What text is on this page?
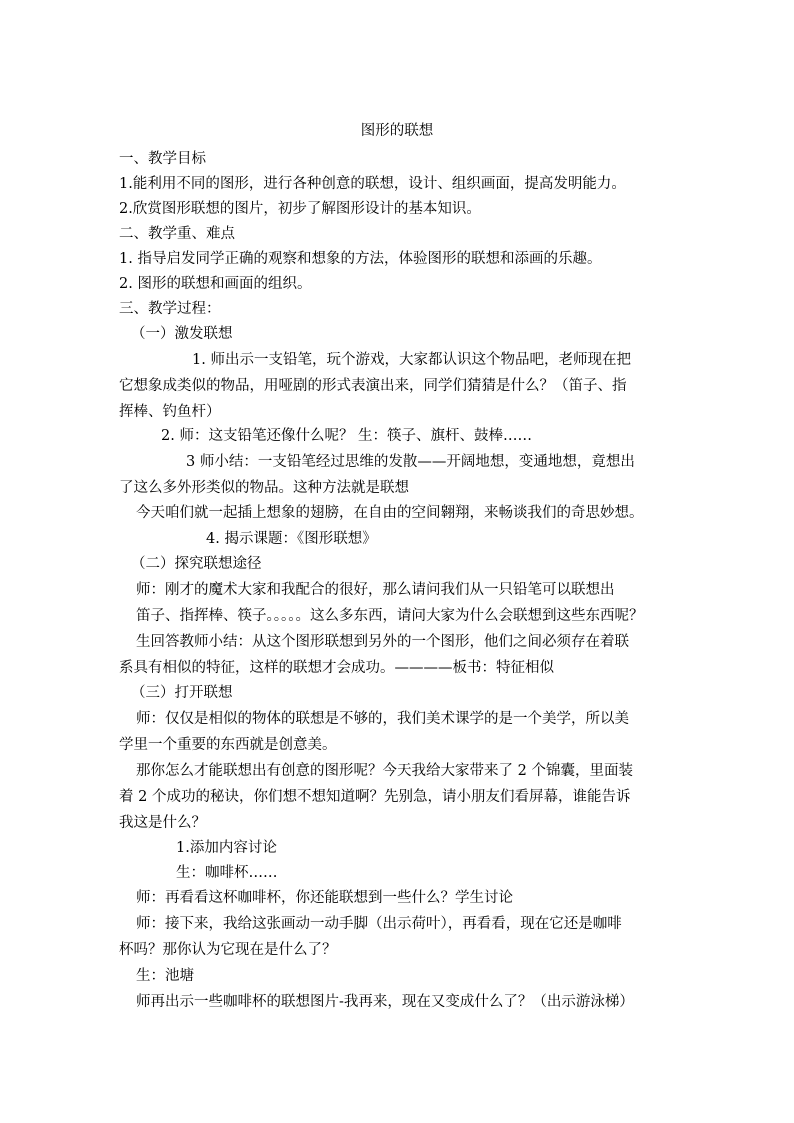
图形的联想
一、教学目标
1.能利用不同的图形，进行各种创意的联想，设计、组织画面，提高发明能力。
2.欣赏图形联想的图片，初步了解图形设计的基本知识。
二、教学重、难点
1. 指导启发同学正确的观察和想象的方法，体验图形的联想和添画的乐趣。
2. 图形的联想和画面的组织。
三、教学过程：
（一）激发联想
1. 师出示一支铅笔，玩个游戏，大家都认识这个物品吧，老师现在把
它想象成类似的物品，用哑剧的形式表演出来，同学们猜猜是什么？（笛子、指
挥棒、钓鱼杆）
2. 师：这支铅笔还像什么呢？ 生：筷子、旗杆、鼓棒……
3 师小结：一支铅笔经过思维的发散——开阔地想，变通地想，竟想出
了这么多外形类似的物品。这种方法就是联想
今天咱们就一起插上想象的翅膀，在自由的空间翱翔，来畅谈我们的奇思妙想。
4. 揭示课题：《图形联想》
（二）探究联想途径
师：刚才的魔术大家和我配合的很好，那么请问我们从一只铅笔可以联想出
笛子、指挥棒、筷子。。。。。这么多东西，请问大家为什么会联想到这些东西呢？
生回答教师小结：从这个图形联想到另外的一个图形，他们之间必须存在着联
系具有相似的特征，这样的联想才会成功。————板书：特征相似
（三）打开联想
师：仅仅是相似的物体的联想是不够的，我们美术课学的是一个美学，所以美
学里一个重要的东西就是创意美。
那你怎么才能联想出有创意的图形呢？今天我给大家带来了 2 个锦囊，里面装
着 2 个成功的秘诀，你们想不想知道啊？先别急，请小朋友们看屏幕，谁能告诉
我这是什么？
1.添加内容讨论
生：咖啡杯……
师：再看看这杯咖啡杯，你还能联想到一些什么？学生讨论
师：接下来，我给这张画动一动手脚（出示荷叶），再看看，现在它还是咖啡
杯吗？那你认为它现在是什么了？
生：池塘
师再出示一些咖啡杯的联想图片-我再来，现在又变成什么了？（出示游泳梯）
